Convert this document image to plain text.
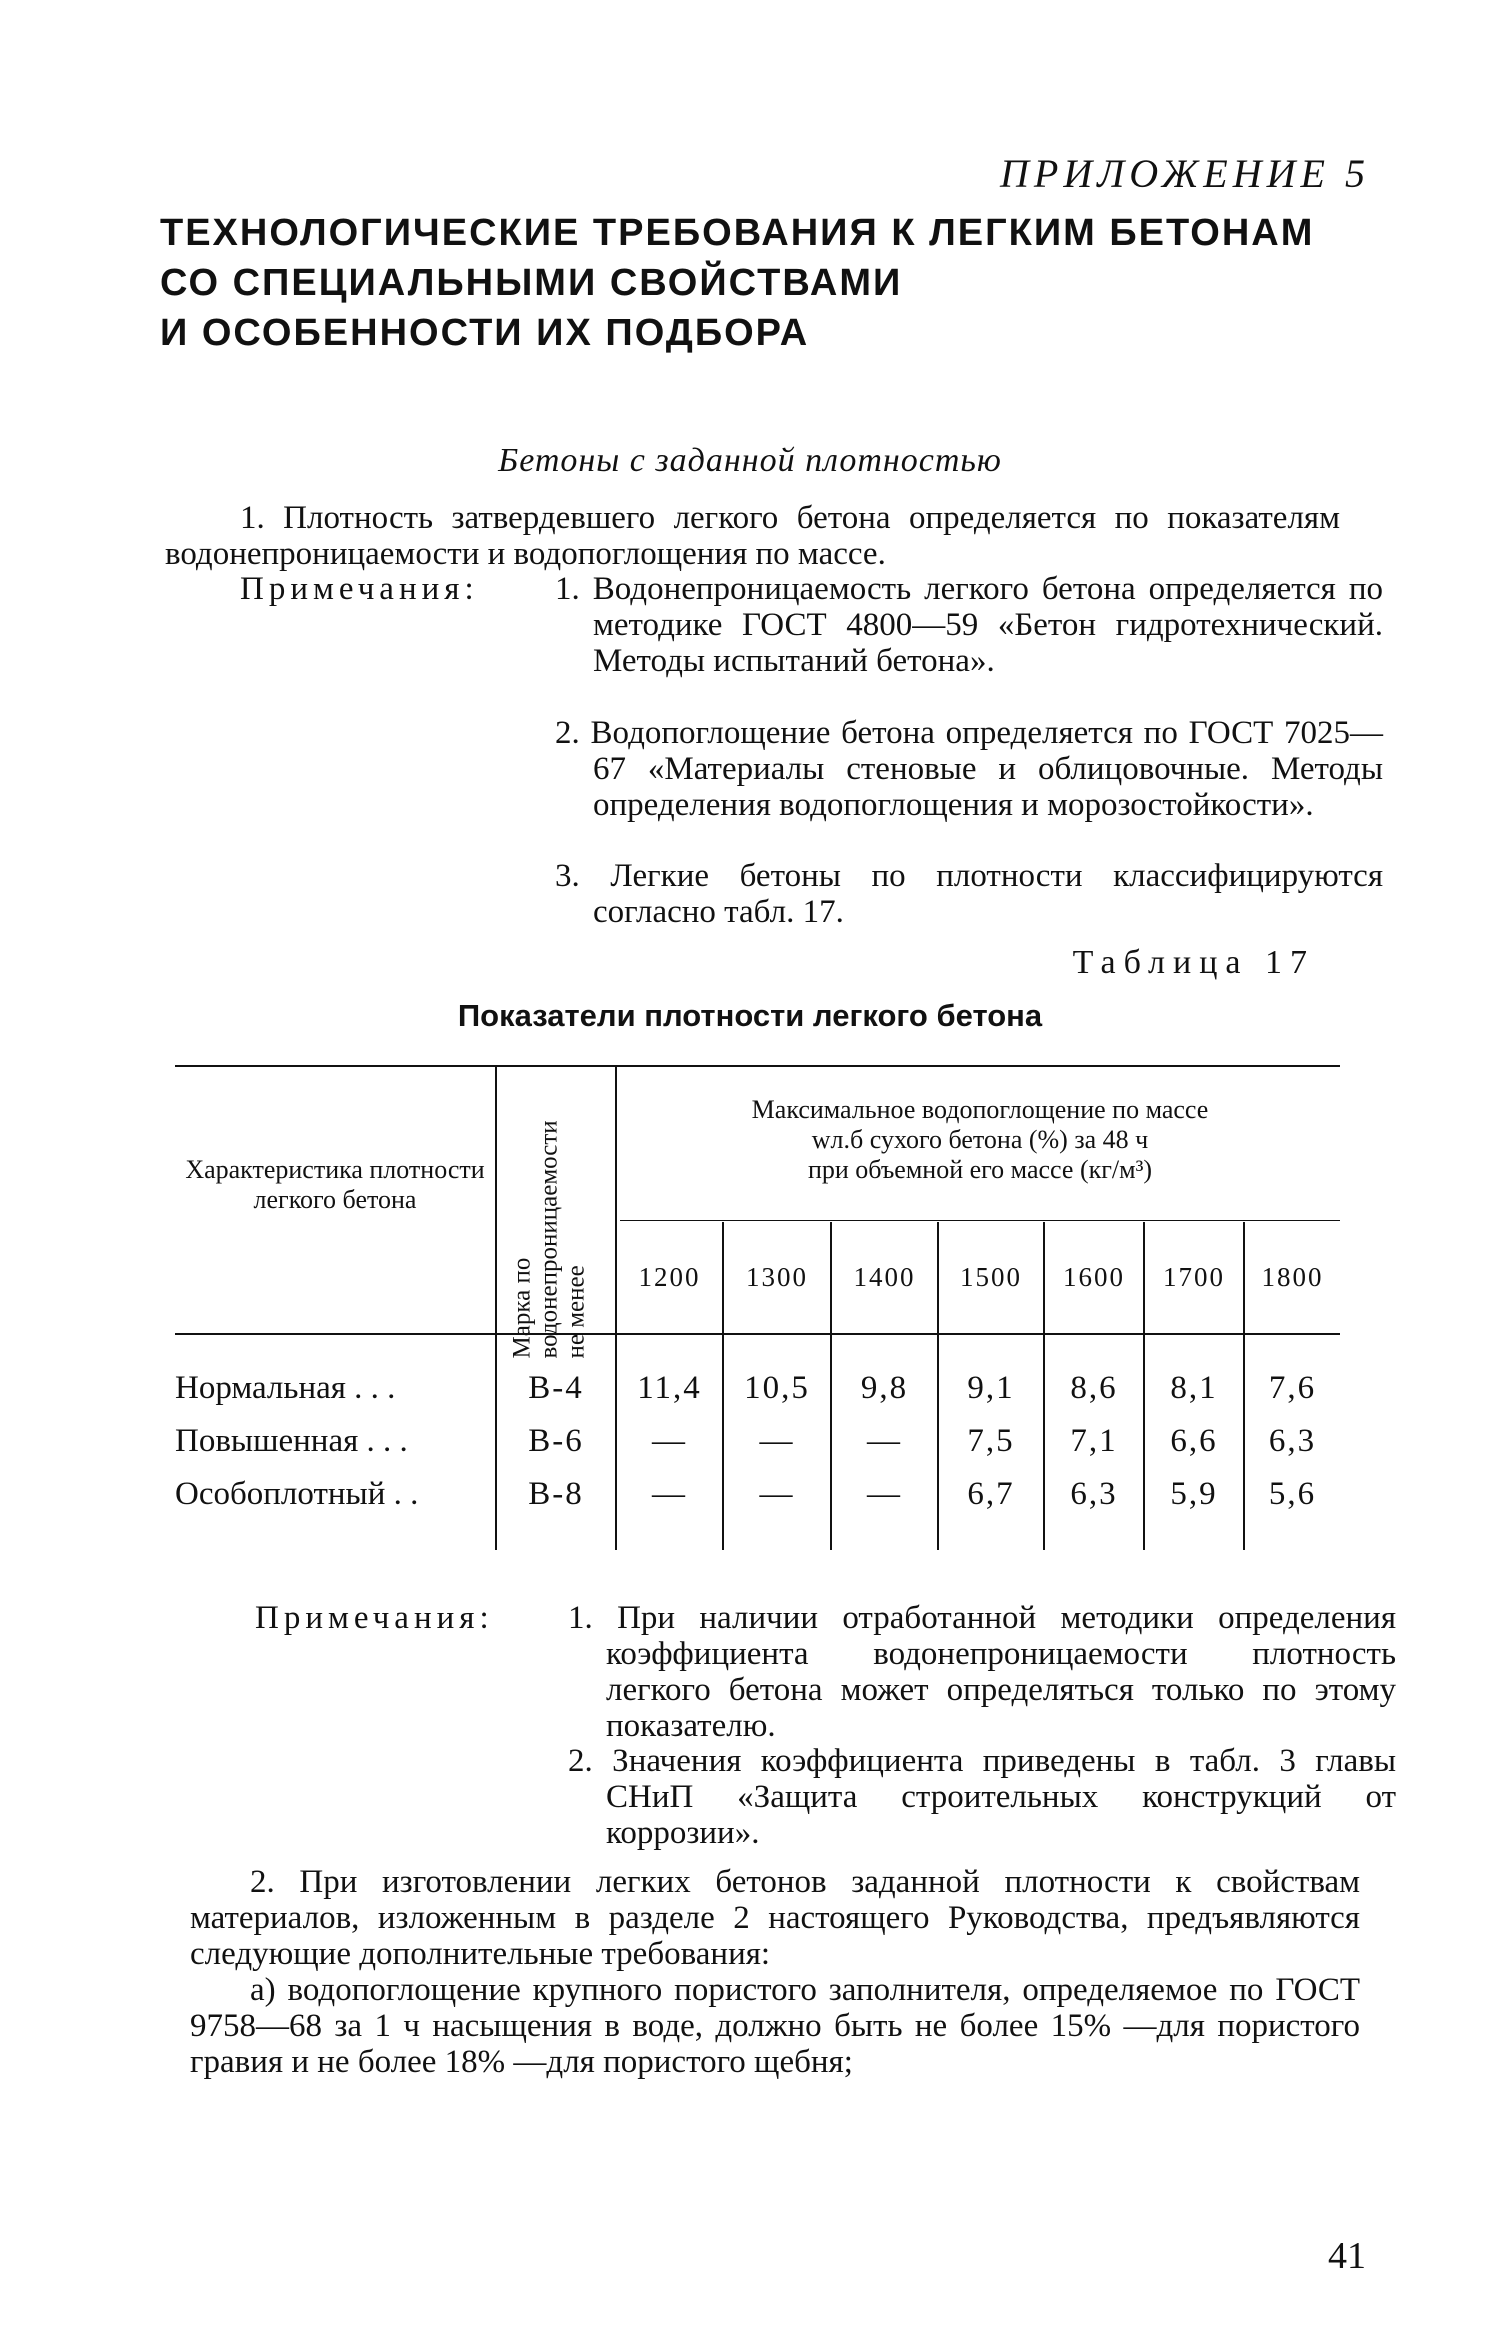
ПРИЛОЖЕНИЕ 5
ТЕХНОЛОГИЧЕСКИЕ ТРЕБОВАНИЯ К ЛЕГКИМ БЕТОНАМ
СО СПЕЦИАЛЬНЫМИ СВОЙСТВАМИ
И ОСОБЕННОСТИ ИХ ПОДБОРА
Бетоны с заданной плотностью
1. Плотность затвердевшего легкого бетона определяется по показателям водонепроницаемости и водопоглощения по массе.
Примечания: 1. Водонепроницаемость легкого бетона определяется по методике ГОСТ 4800—59 «Бетон гидротехнический. Методы испытаний бетона».
2. Водопоглощение бетона определяется по ГОСТ 7025—67 «Материалы стеновые и облицовочные. Методы определения водопоглощения и морозостойкости».
3. Легкие бетоны по плотности классифицируются согласно табл. 17.
Таблица 17
Показатели плотности легкого бетона
Характеристика плотности легкого бетона
Марка по водонепроницаемости не менее
Максимальное водопоглощение по массе
wл.б сухого бетона (%) за 48 ч
при объемной его массе (кг/м³)
1200	1300	1400	1500	1600	1700	1800
Нормальная . . .	В-4	11,4	10,5	9,8	9,1	8,6	8,1	7,6
Повышенная . . .	В-6	—	—	—	7,5	7,1	6,6	6,3
Особоплотный . .	В-8	—	—	—	6,7	6,3	5,9	5,6
Примечания: 1. При наличии отработанной методики определения коэффициента водонепроницаемости плотность легкого бетона может определяться только по этому показателю.
2. Значения коэффициента приведены в табл. 3 главы СНиП «Защита строительных конструкций от коррозии».
2. При изготовлении легких бетонов заданной плотности к свойствам материалов, изложенным в разделе 2 настоящего Руководства, предъявляются следующие дополнительные требования:
а) водопоглощение крупного пористого заполнителя, определяемое по ГОСТ 9758—68 за 1 ч насыщения в воде, должно быть не более 15% —для пористого гравия и не более 18% —для пористого щебня;
41
